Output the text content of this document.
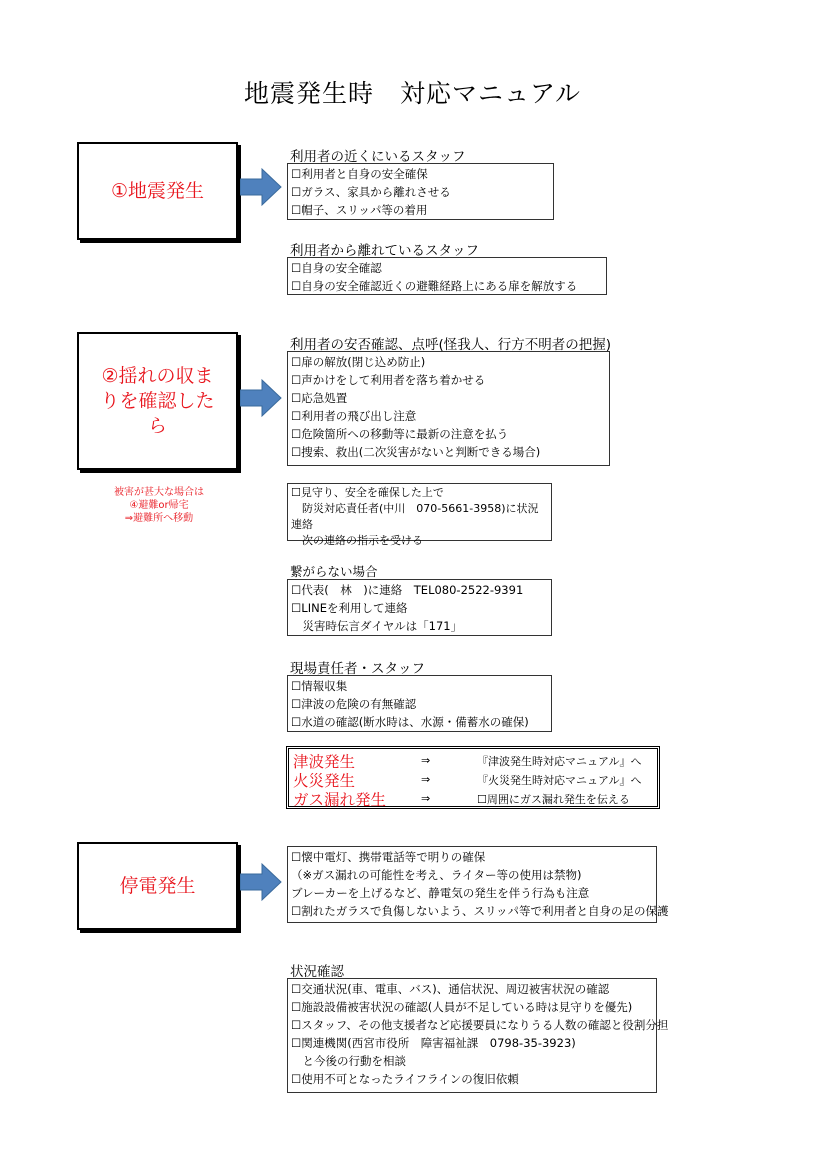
地震発生時　対応マニュアル
①地震発生
利用者の近くにいるスタッフ
☐利用者と自身の安全確保
☐ガラス、家具から離れさせる
☐帽子、スリッパ等の着用
利用者から離れているスタッフ
☐自身の安全確認
☐自身の安全確認近くの避難経路上にある扉を解放する
②揺れの収まりを確認したら
利用者の安否確認、点呼(怪我人、行方不明者の把握)
☐扉の解放(閉じ込め防止)
☐声かけをして利用者を落ち着かせる
☐応急処置
☐利用者の飛び出し注意
☐危険箇所への移動等に最新の注意を払う
☐捜索、救出(二次災害がないと判断できる場合)
被害が甚大な場合は
④避難or帰宅
⇒避難所へ移動
☐見守り、安全を確保した上で
　防災対応責任者(中川　070-5661-3958)に状況連絡
　次の連絡の指示を受ける
繋がらない場合
☐代表(　林　)に連絡　TEL080-2522-9391
☐LINEを利用して連絡
　災害時伝言ダイヤルは「171」
現場責任者・スタッフ
☐情報収集
☐津波の危険の有無確認
☐水道の確認(断水時は、水源・備蓄水の確保)
津波発生	⇒	『津波発生時対応マニュアル』へ
火災発生	⇒	『火災発生時対応マニュアル』へ
ガス漏れ発生	⇒	☐周囲にガス漏れ発生を伝える
停電発生
☐懐中電灯、携帯電話等で明りの確保
（※ガス漏れの可能性を考え、ライター等の使用は禁物)
ブレーカーを上げるなど、静電気の発生を伴う行為も注意
☐割れたガラスで負傷しないよう、スリッパ等で利用者と自身の足の保護
状況確認
☐交通状況(車、電車、バス)、通信状況、周辺被害状況の確認
☐施設設備被害状況の確認(人員が不足している時は見守りを優先)
☐スタッフ、その他支援者など応援要員になりうる人数の確認と役割分担
☐関連機関(西宮市役所　障害福祉課　0798-35-3923)
　と今後の行動を相談
☐使用不可となったライフラインの復旧依頼
